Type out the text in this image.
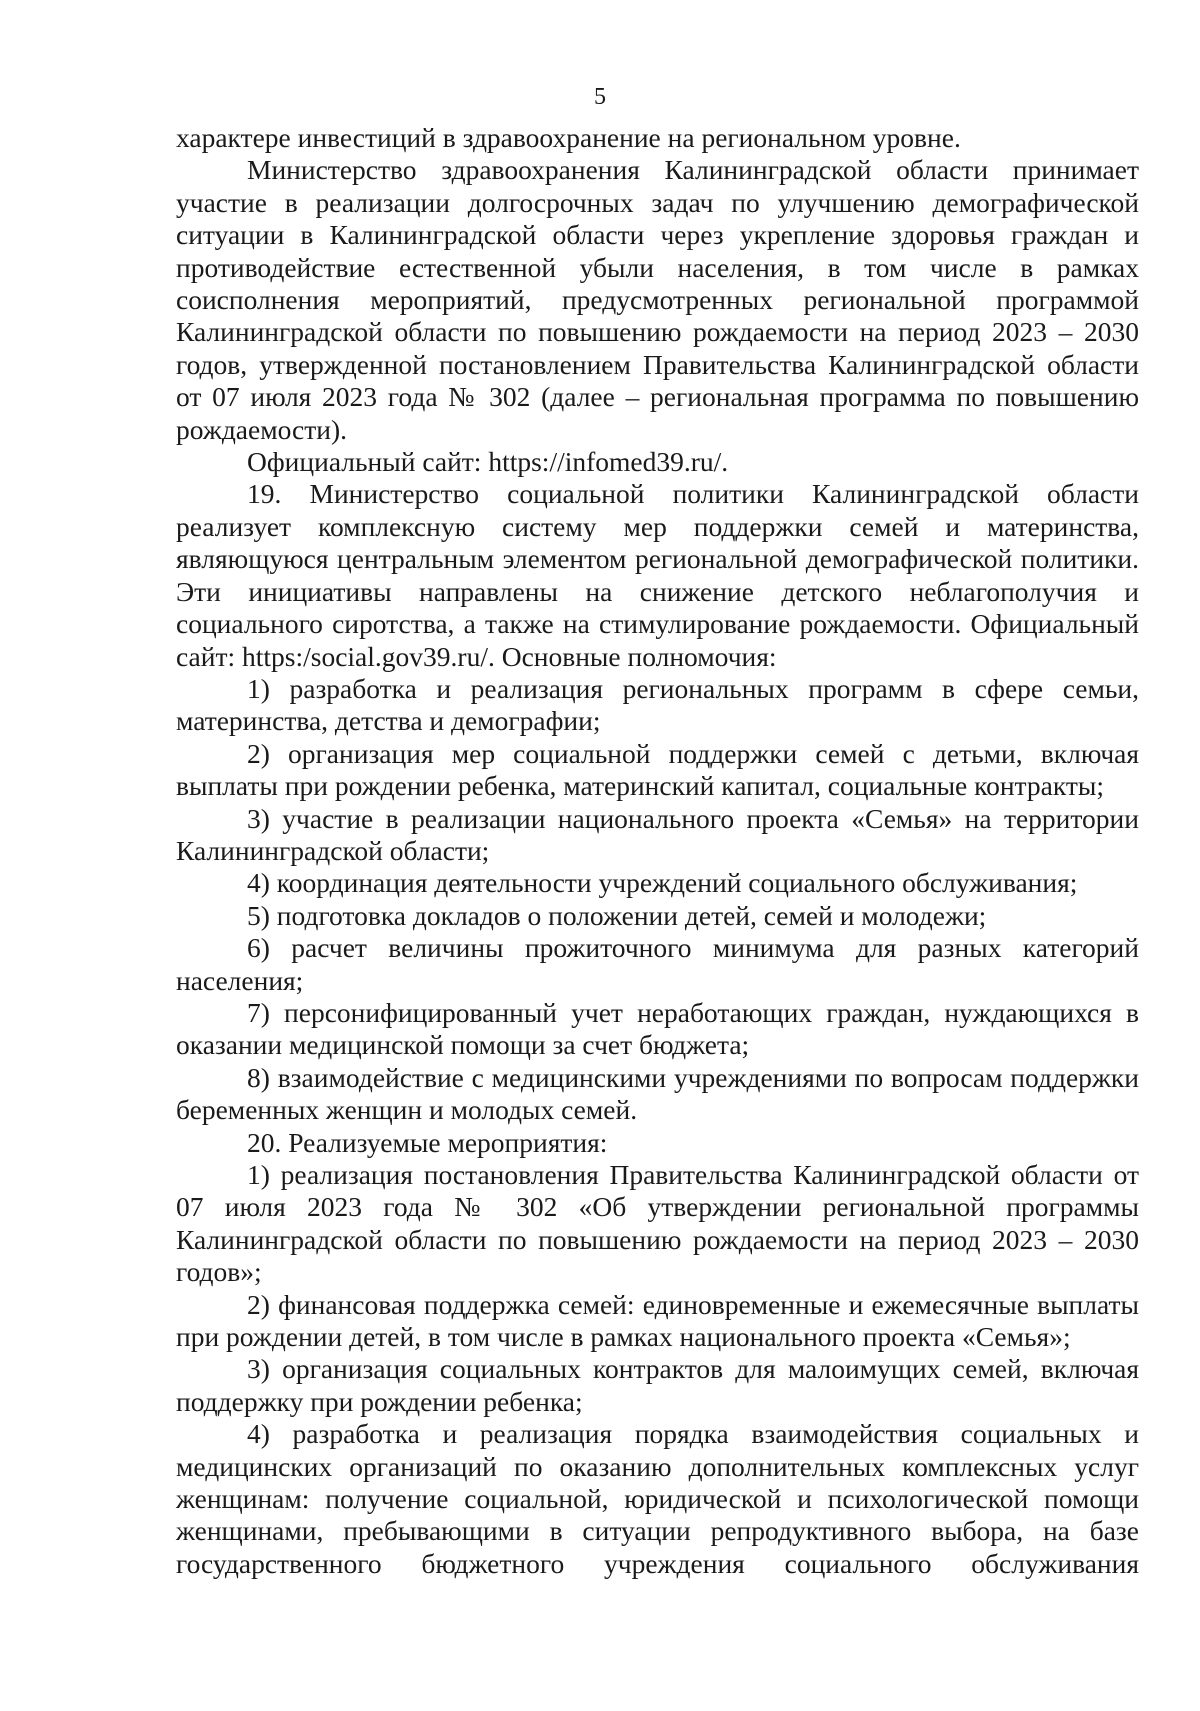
5

характере инвестиций в здравоохранение на региональном уровне.

Министерство здравоохранения Калининградской области принимает участие в реализации долгосрочных задач по улучшению демографической ситуации в Калининградской области через укрепление здоровья граждан и противодействие естественной убыли населения, в том числе в рамках соисполнения мероприятий, предусмотренных региональной программой Калининградской области по повышению рождаемости на период 2023 – 2030 годов, утвержденной постановлением Правительства Калининградской области от 07 июля 2023 года № 302 (далее – региональная программа по повышению рождаемости).

Официальный сайт: https://infomed39.ru/.

19. Министерство социальной политики Калининградской области реализует комплексную систему мер поддержки семей и материнства, являющуюся центральным элементом региональной демографической политики. Эти инициативы направлены на снижение детского неблагополучия и социального сиротства, а также на стимулирование рождаемости. Официальный сайт: https:/social.gov39.ru/. Основные полномочия:

1) разработка и реализация региональных программ в сфере семьи, материнства, детства и демографии;

2) организация мер социальной поддержки семей с детьми, включая выплаты при рождении ребенка, материнский капитал, социальные контракты;

3) участие в реализации национального проекта «Семья» на территории Калининградской области;

4) координация деятельности учреждений социального обслуживания;

5) подготовка докладов о положении детей, семей и молодежи;

6) расчет величины прожиточного минимума для разных категорий населения;

7) персонифицированный учет неработающих граждан, нуждающихся в оказании медицинской помощи за счет бюджета;

8) взаимодействие с медицинскими учреждениями по вопросам поддержки беременных женщин и молодых семей.

20. Реализуемые мероприятия:

1) реализация постановления Правительства Калининградской области от 07 июля 2023 года № 302 «Об утверждении региональной программы Калининградской области по повышению рождаемости на период 2023 – 2030 годов»;

2) финансовая поддержка семей: единовременные и ежемесячные выплаты при рождении детей, в том числе в рамках национального проекта «Семья»;

3) организация социальных контрактов для малоимущих семей, включая поддержку при рождении ребенка;

4) разработка и реализация порядка взаимодействия социальных и медицинских организаций по оказанию дополнительных комплексных услуг женщинам: получение социальной, юридической и психологической помощи женщинами, пребывающими в ситуации репродуктивного выбора, на базе государственного бюджетного учреждения социального обслуживания
